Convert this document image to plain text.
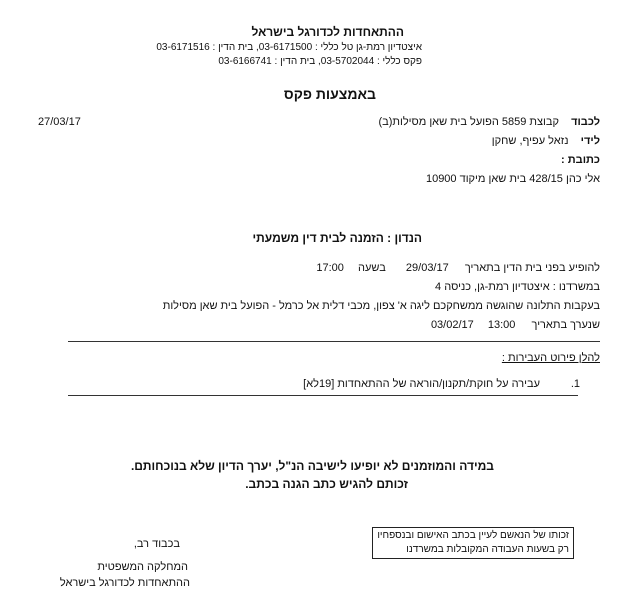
ההתאחדות לכדורגל בישראל
איצטדיון רמת-גן טל כללי : 03-6171500, בית הדין : 03-6171516
פקס כללי : 03-5702044, בית הדין : 03-6166741
באמצעות פקס
27/03/17	לכבוד  קבוצת 5859 הפועל בית שאן מסילות(ב)
לידי  נזאל עפיף, שחקן
כתובת :
אלי כהן 428/15 בית שאן מיקוד 10900
הנדון : הזמנה לבית דין משמעתי
להופיע בפני בית הדין בתאריך  29/03/17  בשעה  17:00
במשרדנו : איצטדיון רמת-גן, כניסה 4
בעקבות התלונה שהוגשה ממשחקכם ליגה א' צפון, מכבי דלית אל כרמל - הפועל בית שאן מסילות
שנערך בתאריך  13:00  03/02/17
להלן פירוט העבירות :
1.
עבירה על חוקת/תקנון/הוראה של ההתאחדות [19לא]
במידה והמוזמנים לא יופיעו לישיבה הנ"ל, יערך הדיון שלא בנוכחותם.
זכותם להגיש כתב הגנה בכתב.
בכבוד רב,
המחלקה המשפטית
ההתאחדות לכדורגל בישראל
זכותו של הנאשם לעיין בכתב האישום ובנספחיו
רק בשעות העבודה המקובלות במשרדנו
